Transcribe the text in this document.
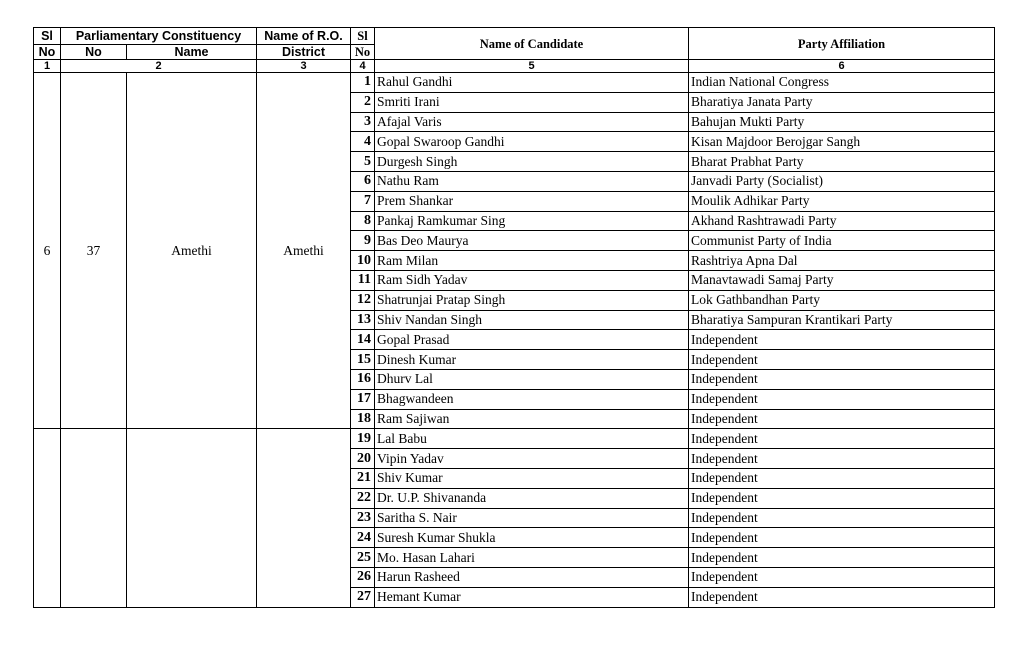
Sl	Parliamentary Constituency		Name of R.O.	Sl	Name of Candidate	Party Affiliation
No	No	Name	District	No		
1	2		3	4	5	6
6	37	Amethi	Amethi	1	Rahul Gandhi	Indian National Congress
				2	Smriti Irani	Bharatiya Janata Party
				3	Afajal Varis	Bahujan Mukti Party
				4	Gopal Swaroop Gandhi	Kisan Majdoor Berojgar Sangh
				5	Durgesh Singh	Bharat Prabhat Party
				6	Nathu Ram	Janvadi Party (Socialist)
				7	Prem Shankar	Moulik Adhikar Party
				8	Pankaj Ramkumar Sing	Akhand Rashtrawadi Party
				9	Bas Deo Maurya	Communist Party of India
				10	Ram Milan	Rashtriya Apna Dal
				11	Ram Sidh Yadav	Manavtawadi Samaj Party
				12	Shatrunjai Pratap Singh	Lok Gathbandhan Party
				13	Shiv Nandan Singh	Bharatiya Sampuran Krantikari Party
				14	Gopal Prasad	Independent
				15	Dinesh Kumar	Independent
				16	Dhurv Lal	Independent
				17	Bhagwandeen	Independent
				18	Ram Sajiwan	Independent
				19	Lal Babu	Independent
				20	Vipin Yadav	Independent
				21	Shiv Kumar	Independent
				22	Dr. U.P. Shivananda	Independent
				23	Saritha S. Nair	Independent
				24	Suresh Kumar Shukla	Independent
				25	Mo. Hasan Lahari	Independent
				26	Harun Rasheed	Independent
				27	Hemant Kumar	Independent
